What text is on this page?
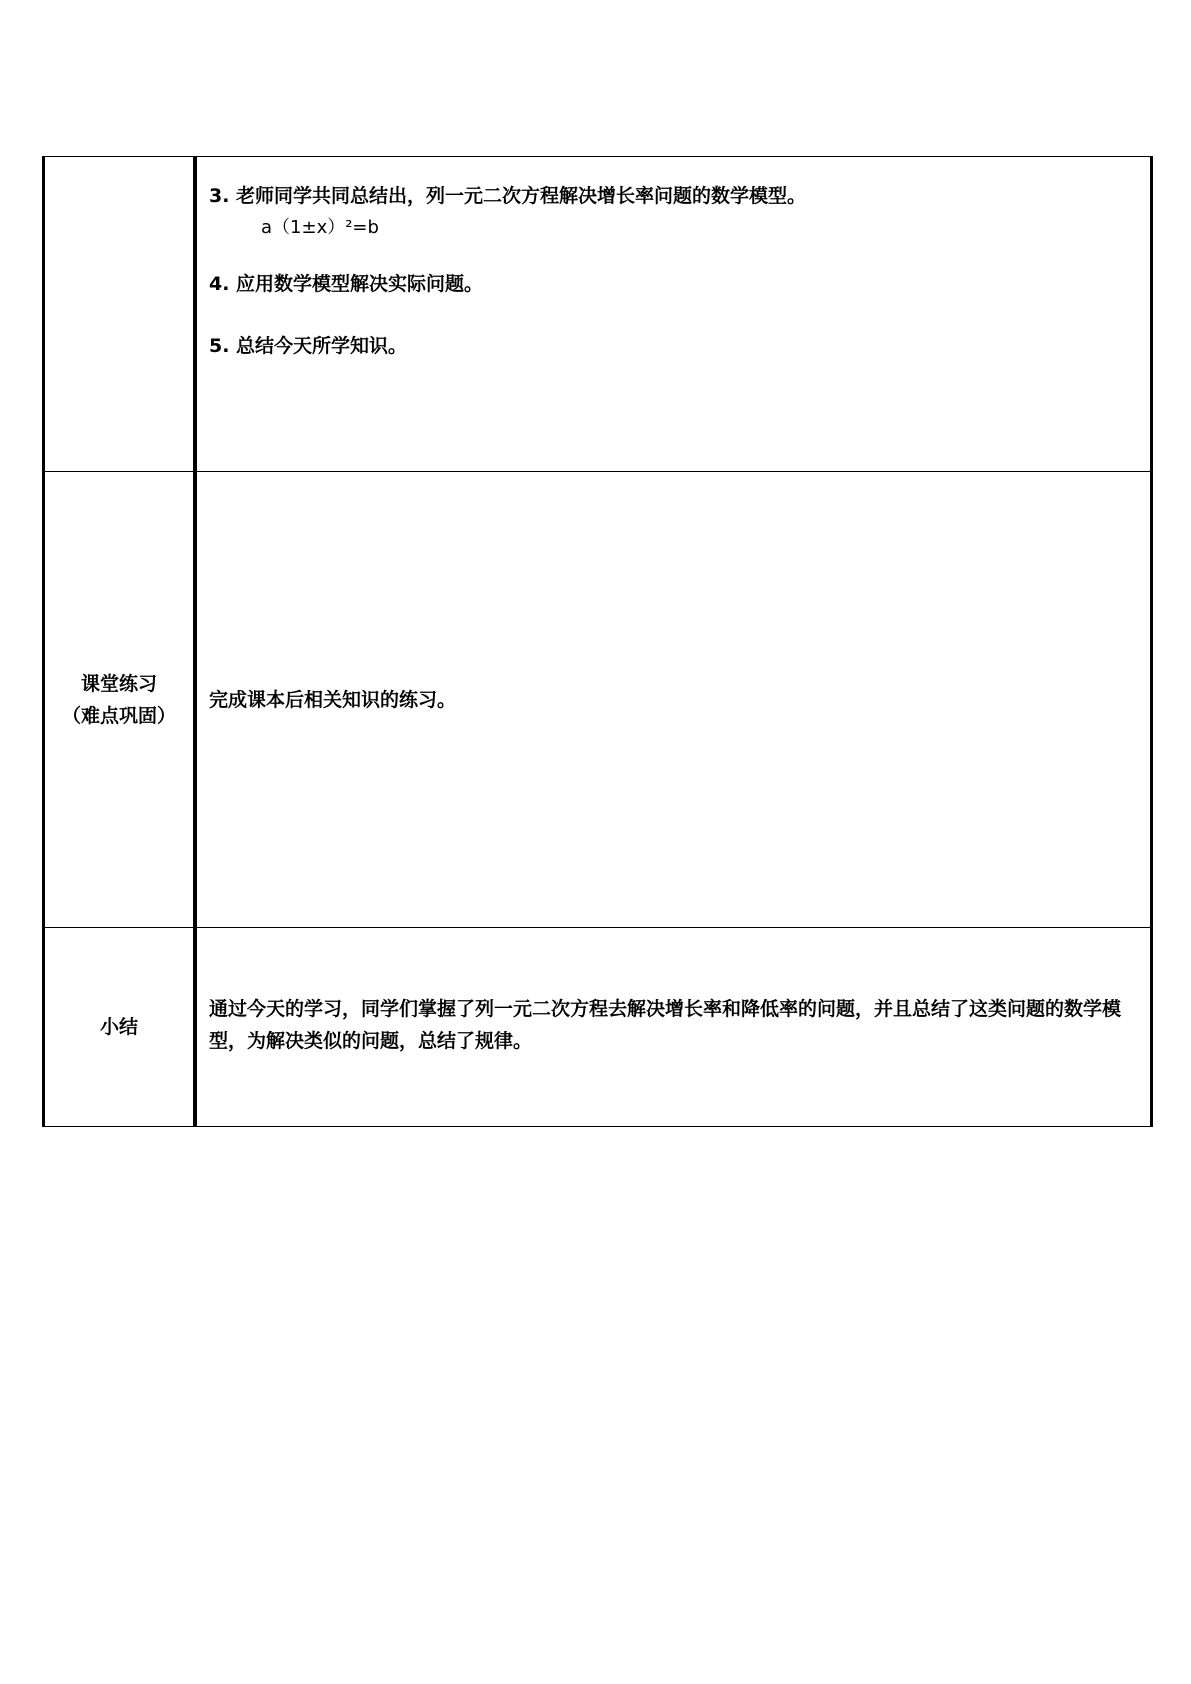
	3. 老师同学共同总结出，列一元二次方程解决增长率问题的数学模型。
a（1±x）²=b
4. 应用数学模型解决实际问题。
5. 总结今天所学知识。

课堂练习
（难点巩固）	完成课本后相关知识的练习。

小结	通过今天的学习，同学们掌握了列一元二次方程去解决增长率和降低率的问题，并且总结了这类问题的数学模型，为解决类似的问题，总结了规律。
